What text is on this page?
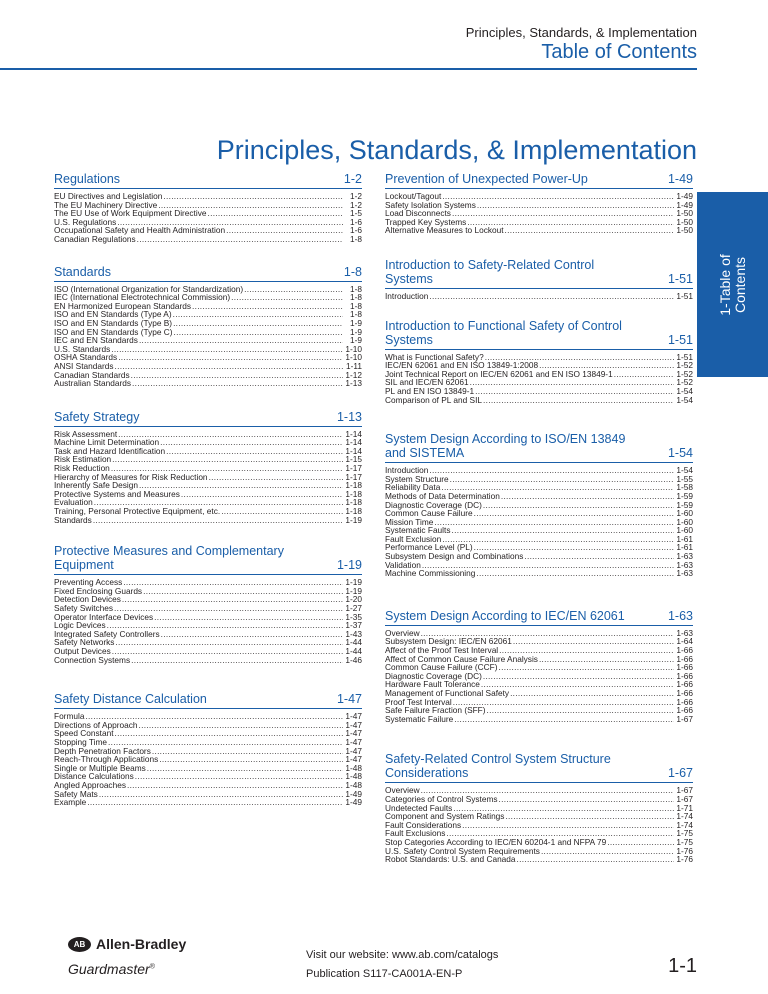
Principles, Standards, & Implementation
Table of Contents
Principles, Standards, & Implementation
1-Table of Contents
Regulations	1-2
EU Directives and Legislation .....	1-2
The EU Machinery Directive .....	1-2
The EU Use of Work Equipment Directive .....	1-5
U.S. Regulations .....	1-6
Occupational Safety and Health Administration .....	1-6
Canadian Regulations .....	1-8
Standards	1-8
ISO (International Organization for Standardization) .....	1-8
IEC (International Electrotechnical Commission) .....	1-8
EN Harmonized European Standards .....	1-8
ISO and EN Standards (Type A) .....	1-8
ISO and EN Standards (Type B) .....	1-9
ISO and EN Standards (Type C) .....	1-9
IEC and EN Standards .....	1-9
U.S. Standards .....	1-10
OSHA Standards .....	1-10
ANSI Standards .....	1-11
Canadian Standards .....	1-12
Australian Standards .....	1-13
Safety Strategy	1-13
Risk Assessment .....	1-14
Machine Limit Determination .....	1-14
Task and Hazard Identification .....	1-14
Risk Estimation .....	1-15
Risk Reduction .....	1-17
Hierarchy of Measures for Risk Reduction .....	1-17
Inherently Safe Design .....	1-18
Protective Systems and Measures .....	1-18
Evaluation .....	1-18
Training, Personal Protective Equipment, etc. .....	1-18
Standards .....	1-19
Protective Measures and Complementary Equipment	1-19
Preventing Access .....	1-19
Fixed Enclosing Guards .....	1-19
Detection Devices .....	1-20
Safety Switches .....	1-27
Operator Interface Devices .....	1-35
Logic Devices .....	1-37
Integrated Safety Controllers .....	1-43
Safety Networks .....	1-44
Output Devices .....	1-44
Connection Systems .....	1-46
Safety Distance Calculation	1-47
Formula .....	1-47
Directions of Approach .....	1-47
Speed Constant .....	1-47
Stopping Time .....	1-47
Depth Penetration Factors .....	1-47
Reach-Through Applications .....	1-47
Single or Multiple Beams .....	1-48
Distance Calculations .....	1-48
Angled Approaches .....	1-48
Safety Mats .....	1-49
Example .....	1-49
Prevention of Unexpected Power-Up	1-49
Lockout/Tagout .....	1-49
Safety Isolation Systems .....	1-49
Load Disconnects .....	1-50
Trapped Key Systems .....	1-50
Alternative Measures to Lockout .....	1-50
Introduction to Safety-Related Control Systems	1-51
Introduction .....	1-51
Introduction to Functional Safety of Control Systems	1-51
What is Functional Safety? .....	1-51
IEC/EN 62061 and EN ISO 13849-1:2008 .....	1-52
Joint Technical Report on IEC/EN 62061 and EN ISO 13849-1 .....	1-52
SIL and IEC/EN 62061 .....	1-52
PL and EN ISO 13849-1 .....	1-54
Comparison of PL and SIL .....	1-54
System Design According to ISO/EN 13849 and SISTEMA	1-54
Introduction .....	1-54
System Structure .....	1-55
Reliability Data .....	1-58
Methods of Data Determination .....	1-59
Diagnostic Coverage (DC) .....	1-59
Common Cause Failure .....	1-60
Mission Time .....	1-60
Systematic Faults .....	1-60
Fault Exclusion .....	1-61
Performance Level (PL) .....	1-61
Subsystem Design and Combinations .....	1-63
Validation .....	1-63
Machine Commissioning .....	1-63
System Design According to IEC/EN 62061	1-63
Overview .....	1-63
Subsystem Design: IEC/EN 62061 .....	1-64
Affect of the Proof Test Interval .....	1-66
Affect of Common Cause Failure Analysis .....	1-66
Common Cause Failure (CCF) .....	1-66
Diagnostic Coverage (DC) .....	1-66
Hardware Fault Tolerance .....	1-66
Management of Functional Safety .....	1-66
Proof Test Interval .....	1-66
Safe Failure Fraction (SFF) .....	1-66
Systematic Failure .....	1-67
Safety-Related Control System Structure Considerations	1-67
Overview .....	1-67
Categories of Control Systems .....	1-67
Undetected Faults .....	1-71
Component and System Ratings .....	1-74
Fault Considerations .....	1-74
Fault Exclusions .....	1-75
Stop Categories According to IEC/EN 60204-1 and NFPA 79 .....	1-75
U.S. Safety Control System Requirements .....	1-76
Robot Standards: U.S. and Canada .....	1-76
AB Allen-Bradley
Guardmaster®
Visit our website: www.ab.com/catalogs
Publication S117-CA001A-EN-P	1-1
